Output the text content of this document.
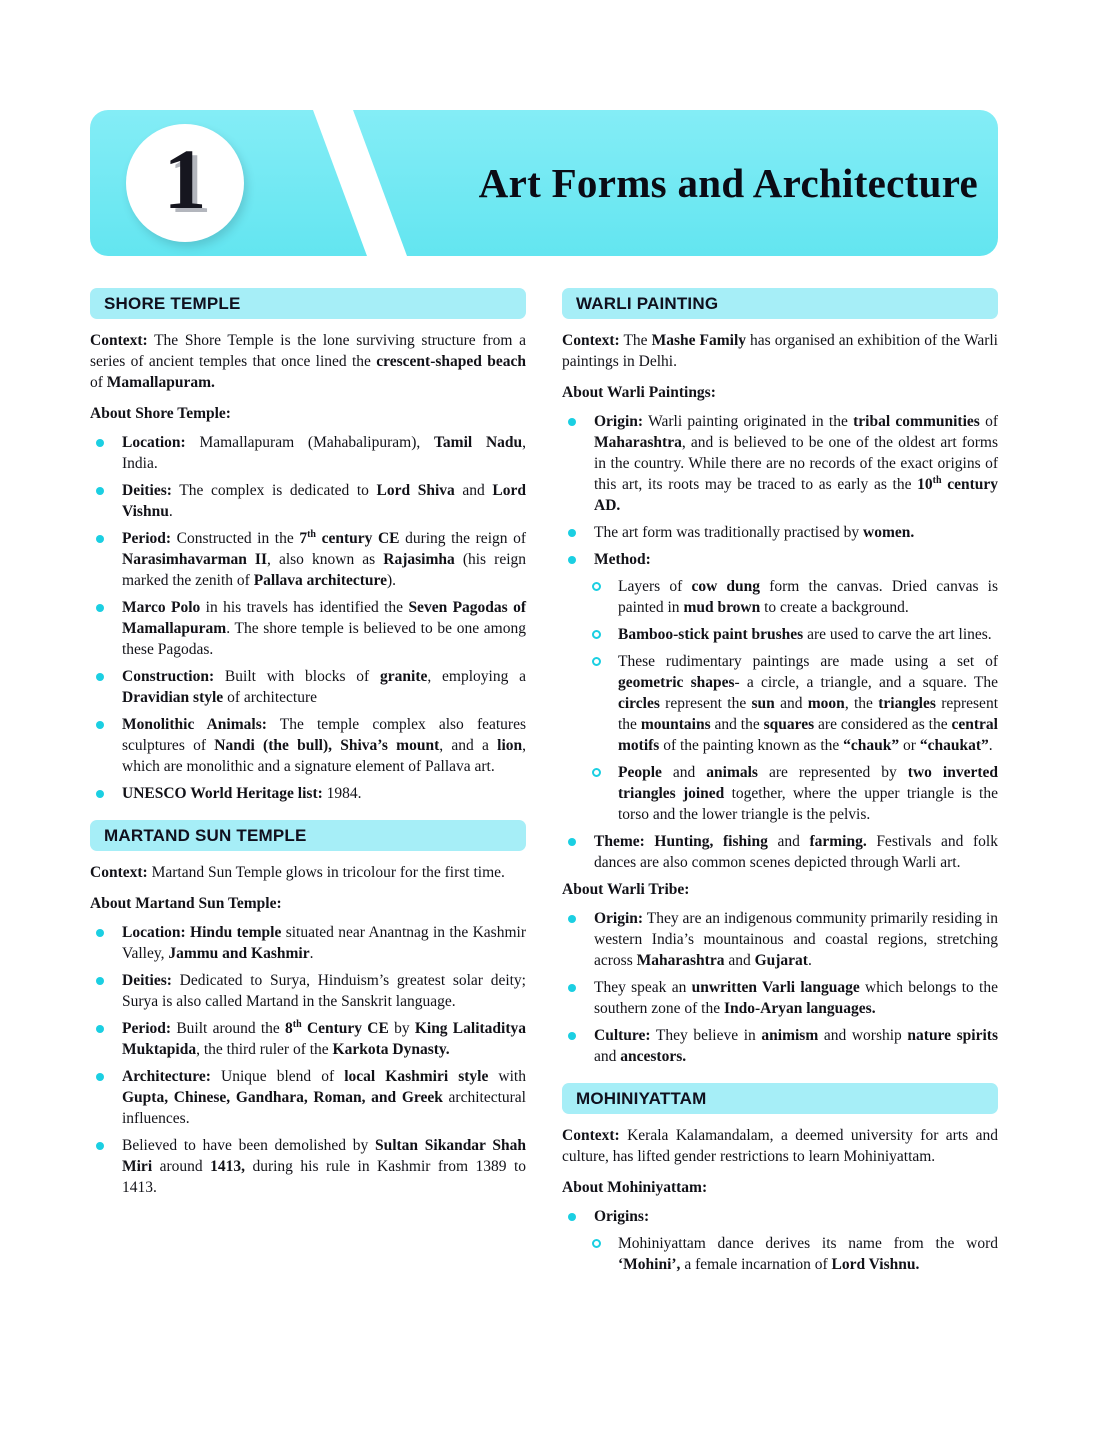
1	Art Forms and Architecture
SHORE TEMPLE
Context: The Shore Temple is the lone surviving structure from a series of ancient temples that once lined the crescent-shaped beach of Mamallapuram.
About Shore Temple:
Location: Mamallapuram (Mahabalipuram), Tamil Nadu, India.
Deities: The complex is dedicated to Lord Shiva and Lord Vishnu.
Period: Constructed in the 7th century CE during the reign of Narasimhavarman II, also known as Rajasimha (his reign marked the zenith of Pallava architecture).
Marco Polo in his travels has identified the Seven Pagodas of Mamallapuram. The shore temple is believed to be one among these Pagodas.
Construction: Built with blocks of granite, employing a Dravidian style of architecture
Monolithic Animals: The temple complex also features sculptures of Nandi (the bull), Shiva’s mount, and a lion, which are monolithic and a signature element of Pallava art.
UNESCO World Heritage list: 1984.
MARTAND SUN TEMPLE
Context: Martand Sun Temple glows in tricolour for the first time.
About Martand Sun Temple:
Location: Hindu temple situated near Anantnag in the Kashmir Valley, Jammu and Kashmir.
Deities: Dedicated to Surya, Hinduism’s greatest solar deity; Surya is also called Martand in the Sanskrit language.
Period: Built around the 8th Century CE by King Lalitaditya Muktapida, the third ruler of the Karkota Dynasty.
Architecture: Unique blend of local Kashmiri style with Gupta, Chinese, Gandhara, Roman, and Greek architectural influences.
Believed to have been demolished by Sultan Sikandar Shah Miri around 1413, during his rule in Kashmir from 1389 to 1413.
WARLI PAINTING
Context: The Mashe Family has organised an exhibition of the Warli paintings in Delhi.
About Warli Paintings:
Origin: Warli painting originated in the tribal communities of Maharashtra, and is believed to be one of the oldest art forms in the country. While there are no records of the exact origins of this art, its roots may be traced to as early as the 10th century AD.
The art form was traditionally practised by women.
Method:
Layers of cow dung form the canvas. Dried canvas is painted in mud brown to create a background.
Bamboo-stick paint brushes are used to carve the art lines.
These rudimentary paintings are made using a set of geometric shapes- a circle, a triangle, and a square. The circles represent the sun and moon, the triangles represent the mountains and the squares are considered as the central motifs of the painting known as the “chauk” or “chaukat”.
People and animals are represented by two inverted triangles joined together, where the upper triangle is the torso and the lower triangle is the pelvis.
Theme: Hunting, fishing and farming. Festivals and folk dances are also common scenes depicted through Warli art.
About Warli Tribe:
Origin: They are an indigenous community primarily residing in western India’s mountainous and coastal regions, stretching across Maharashtra and Gujarat.
They speak an unwritten Varli language which belongs to the southern zone of the Indo-Aryan languages.
Culture: They believe in animism and worship nature spirits and ancestors.
MOHINIYATTAM
Context: Kerala Kalamandalam, a deemed university for arts and culture, has lifted gender restrictions to learn Mohiniyattam.
About Mohiniyattam:
Origins:
Mohiniyattam dance derives its name from the word ‘Mohini’, a female incarnation of Lord Vishnu.
